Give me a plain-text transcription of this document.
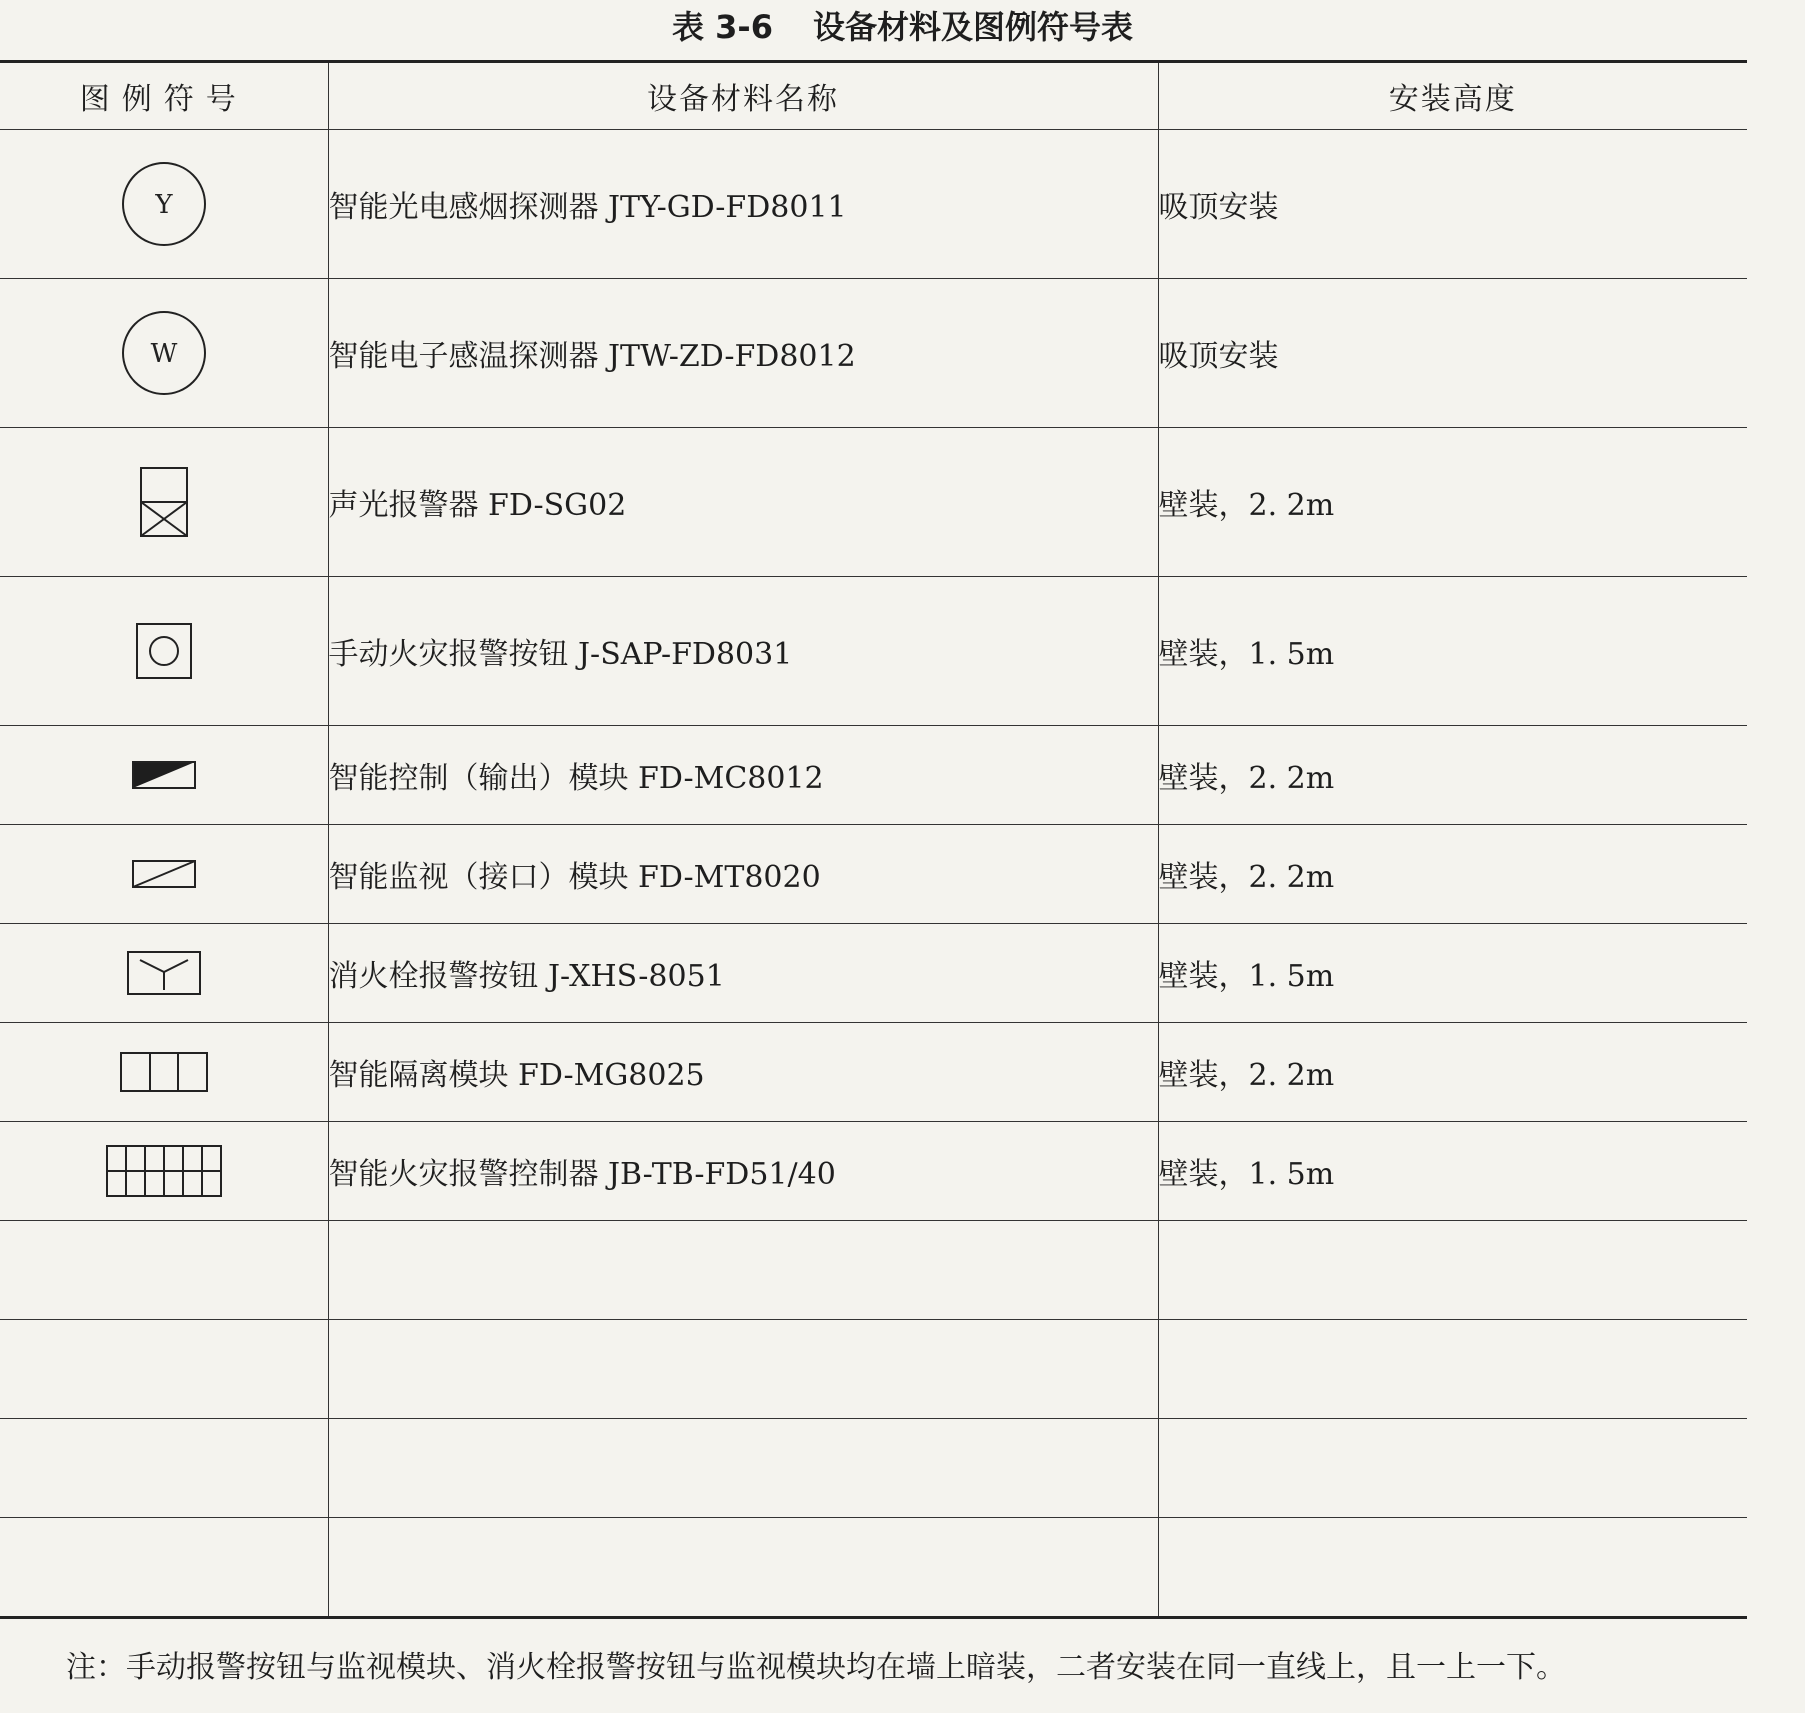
表 3-6 设备材料及图例符号表
图例符号	设备材料名称	安装高度

Y	智能光电感烟探测器 JTY-GD-FD8011	吸顶安装

W	智能电子感温探测器 JTW-ZD-FD8012	吸顶安装
	声光报警器 FD-SG02	壁装，2. 2m
	手动火灾报警按钮 J-SAP-FD8031	壁装，1. 5m
	智能控制（输出）模块 FD-MC8012	壁装，2. 2m
	智能监视（接口）模块 FD-MT8020	壁装，2. 2m
	消火栓报警按钮 J-XHS-8051	壁装，1. 5m
	智能隔离模块 FD-MG8025	壁装，2. 2m
	智能火灾报警控制器 JB-TB-FD51/40	壁装，1. 5m

注：手动报警按钮与监视模块、消火栓报警按钮与监视模块均在墙上暗装，二者安装在同一直线上，且一上一下。
